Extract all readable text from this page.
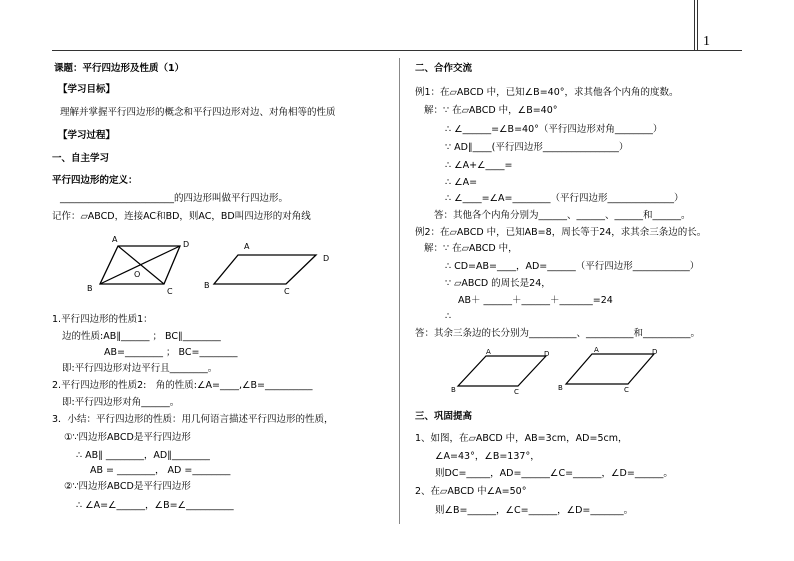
1
课题：平行四边形及性质（1）
【学习目标】
理解并掌握平行四边形的概念和平行四边形对边、对角相等的性质
【学习过程】
一、自主学习
平行四边形的定义：
________________________的四边形叫做平行四边形。
记作：▱ABCD，连接AC和BD，则AC，BD叫四边形的对角线
A
D
O
B	C
A
D
B
C
1.平行四边形的性质1：
边的性质:AB∥______ ； BC∥________
AB=________ ； BC=________
即:平行四边形对边平行且________。
2.平行四边形的性质2:　角的性质:∠A=____,∠B=__________
即:平行四边形对角______。
3．小结：平行四边形的性质：用几何语言描述平行四边形的性质，
①∵四边形ABCD是平行四边形
∴ AB∥ ________，AD∥________
AB = ________， AD =________
②∵四边形ABCD是平行四边形
∴ ∠A=∠______，∠B=∠__________
二、合作交流
例1：在▱ABCD 中，已知∠B=40°，求其他各个内角的度数。
解：∵ 在▱ABCD 中，∠B=40°
∴ ∠______=∠B=40°（平行四边形对角________）
∵ AD∥____(平行四边形________________）
∴ ∠A+∠____=
∴ ∠A=
∴ ∠____=∠A=________（平行四边形______________）
答：其他各个内角分别为______、______、______和______。
例2：在▱ABCD 中，已知AB=8，周长等于24，求其余三条边的长。
解：∵ 在▱ABCD 中，
∴ CD=AB=____，AD=______（平行四边形____________）
∵ ▱ABCD 的周长是24，
AB＋ ______＋______＋_______=24
∴
答：其余三条边的长分别为__________、__________和__________。
A	D
B	C
A	D
B	C
三、巩固提高
1、如图，在▱ABCD 中，AB=3cm，AD=5cm，
∠A=43°，∠B=137°，
则DC=_____，AD=______∠C=______，∠D=______。
2、在▱ABCD 中∠A=50°
则∠B=______，∠C=______，∠D=_______。
